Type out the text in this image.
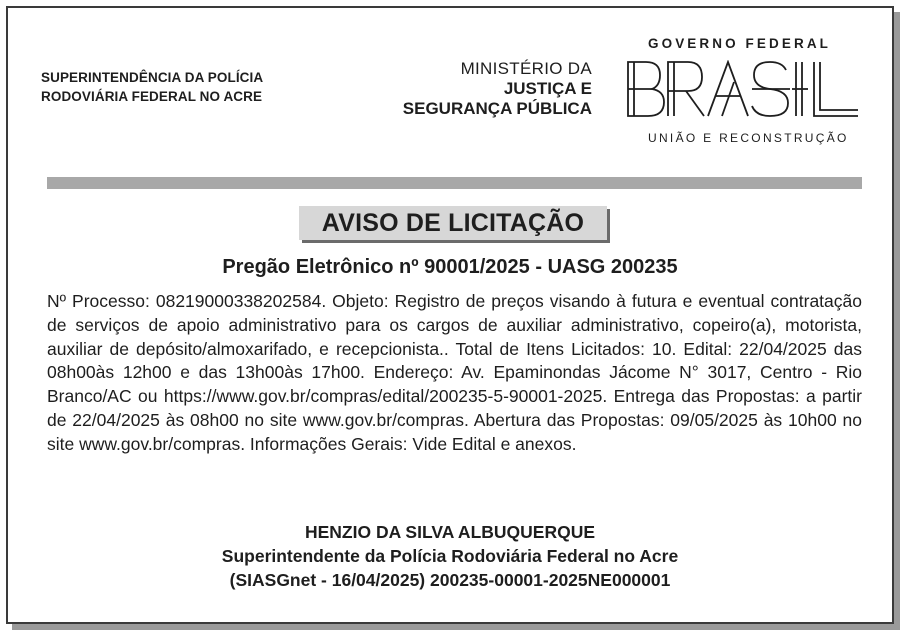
SUPERINTENDÊNCIA DA POLÍCIA
RODOVIÁRIA FEDERAL NO ACRE
MINISTÉRIO DA
JUSTIÇA E
SEGURANÇA PÚBLICA
GOVERNO FEDERAL
UNIÃO E RECONSTRUÇÃO
AVISO DE LICITAÇÃO
Pregão Eletrônico nº 90001/2025 - UASG 200235
Nº Processo: 08219000338202584. Objeto: Registro de preços visando à futura e eventual contratação de serviços de apoio administrativo para os cargos de auxiliar administrativo, copeiro(a), motorista, auxiliar de depósito/almoxarifado, e recepcionista.. Total de Itens Licitados: 10. Edital: 22/04/2025 das 08h00às 12h00 e das 13h00às 17h00. Endereço: Av. Epaminondas Jácome N° 3017, Centro - Rio Branco/AC ou https://www.gov.br/compras/edital/200235-5-90001-2025. Entrega das Propostas: a partir de 22/04/2025 às 08h00 no site www.gov.br/compras. Abertura das Propostas: 09/05/2025 às 10h00 no site www.gov.br/compras. Informações Gerais: Vide Edital e anexos.
HENZIO DA SILVA ALBUQUERQUE
Superintendente da Polícia Rodoviária Federal no Acre
(SIASGnet - 16/04/2025) 200235-00001-2025NE000001
